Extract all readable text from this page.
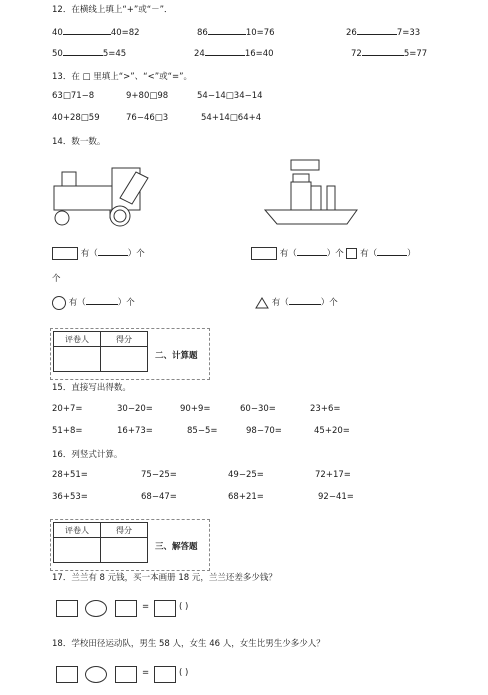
12．在横线上填上“+”或“－”．
40	40=82	86	10=76	26	7=33
50	5=45	24	16=40	72	5=77
13．在 □ 里填上“>”、“<”或“=”。
63□71−8	9+80□98	54−14□34−14
40+28□59	76−46□3	54+14□64+4
14．数一数。
有（	）个	有（	）个 有（	）
个
有（	）个	有（	）个
评卷人	得分

二、计算题
15．直接写出得数。
20+7=	30−20=	90+9=	60−30=	23+6=
51+8=	16+73=	85−5=	98−70=	45+20=
16．列竖式计算。
28+51=	75−25=	49−25=	72+17=
36+53=	68−47=	68+21=	92−41=
评卷人	得分

三、解答题
17．兰兰有 8 元钱，买一本画册 18 元，兰兰还差多少钱？
=	( )
18．学校田径运动队，男生 58 人，女生 46 人，女生比男生少多少人？
=	( )
